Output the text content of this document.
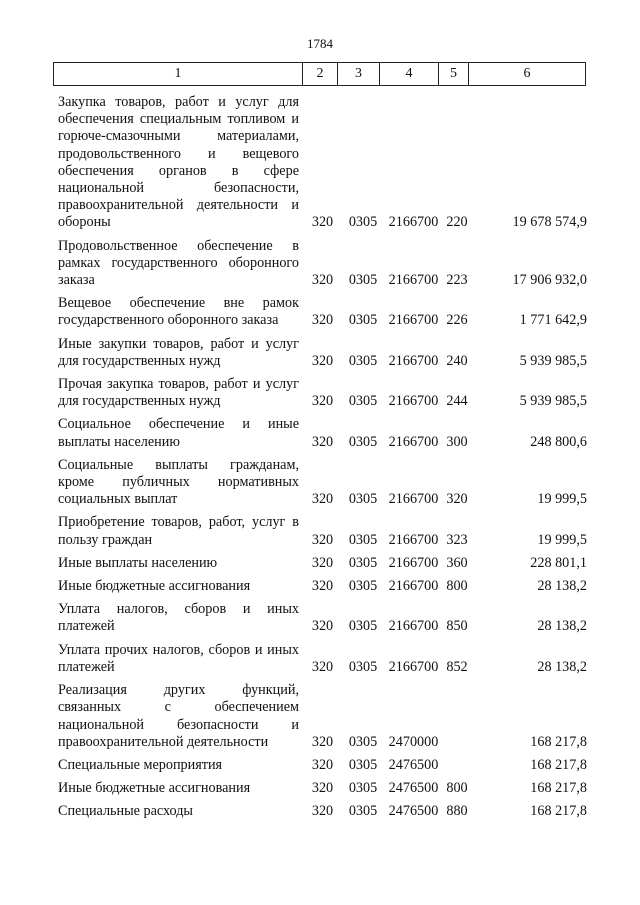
1784
1	2	3	4	5	6
Закупка товаров, работ и услуг для обеспечения специальным топливом и горюче-смазочными материалами, продовольственного и вещевого обеспечения органов в сфере национальной безопасности, правоохранительной деятельности и обороны	320	0305 2166700 220	19 678 574,9
Продовольственное обеспечение в рамках государственного оборонного заказа	320	0305 2166700 223	17 906 932,0
Вещевое обеспечение вне рамок государственного оборонного заказа	320	0305 2166700 226	1 771 642,9
Иные закупки товаров, работ и услуг для государственных нужд	320	0305 2166700 240	5 939 985,5
Прочая закупка товаров, работ и услуг для государственных нужд	320	0305 2166700 244	5 939 985,5
Социальное обеспечение и иные выплаты населению	320	0305 2166700 300	248 800,6
Социальные выплаты гражданам, кроме публичных нормативных социальных выплат	320	0305 2166700 320	19 999,5
Приобретение товаров, работ, услуг в пользу граждан	320	0305 2166700 323	19 999,5
Иные выплаты населению	320	0305 2166700 360	228 801,1
Иные бюджетные ассигнования	320	0305 2166700 800	28 138,2
Уплата налогов, сборов и иных платежей	320	0305 2166700 850	28 138,2
Уплата прочих налогов, сборов и иных платежей	320	0305 2166700 852	28 138,2
Реализация других функций, связанных с обеспечением национальной безопасности и правоохранительной деятельности	320	0305 2470000	168 217,8
Специальные мероприятия	320	0305 2476500	168 217,8
Иные бюджетные ассигнования	320	0305 2476500 800	168 217,8
Специальные расходы	320	0305 2476500 880	168 217,8
